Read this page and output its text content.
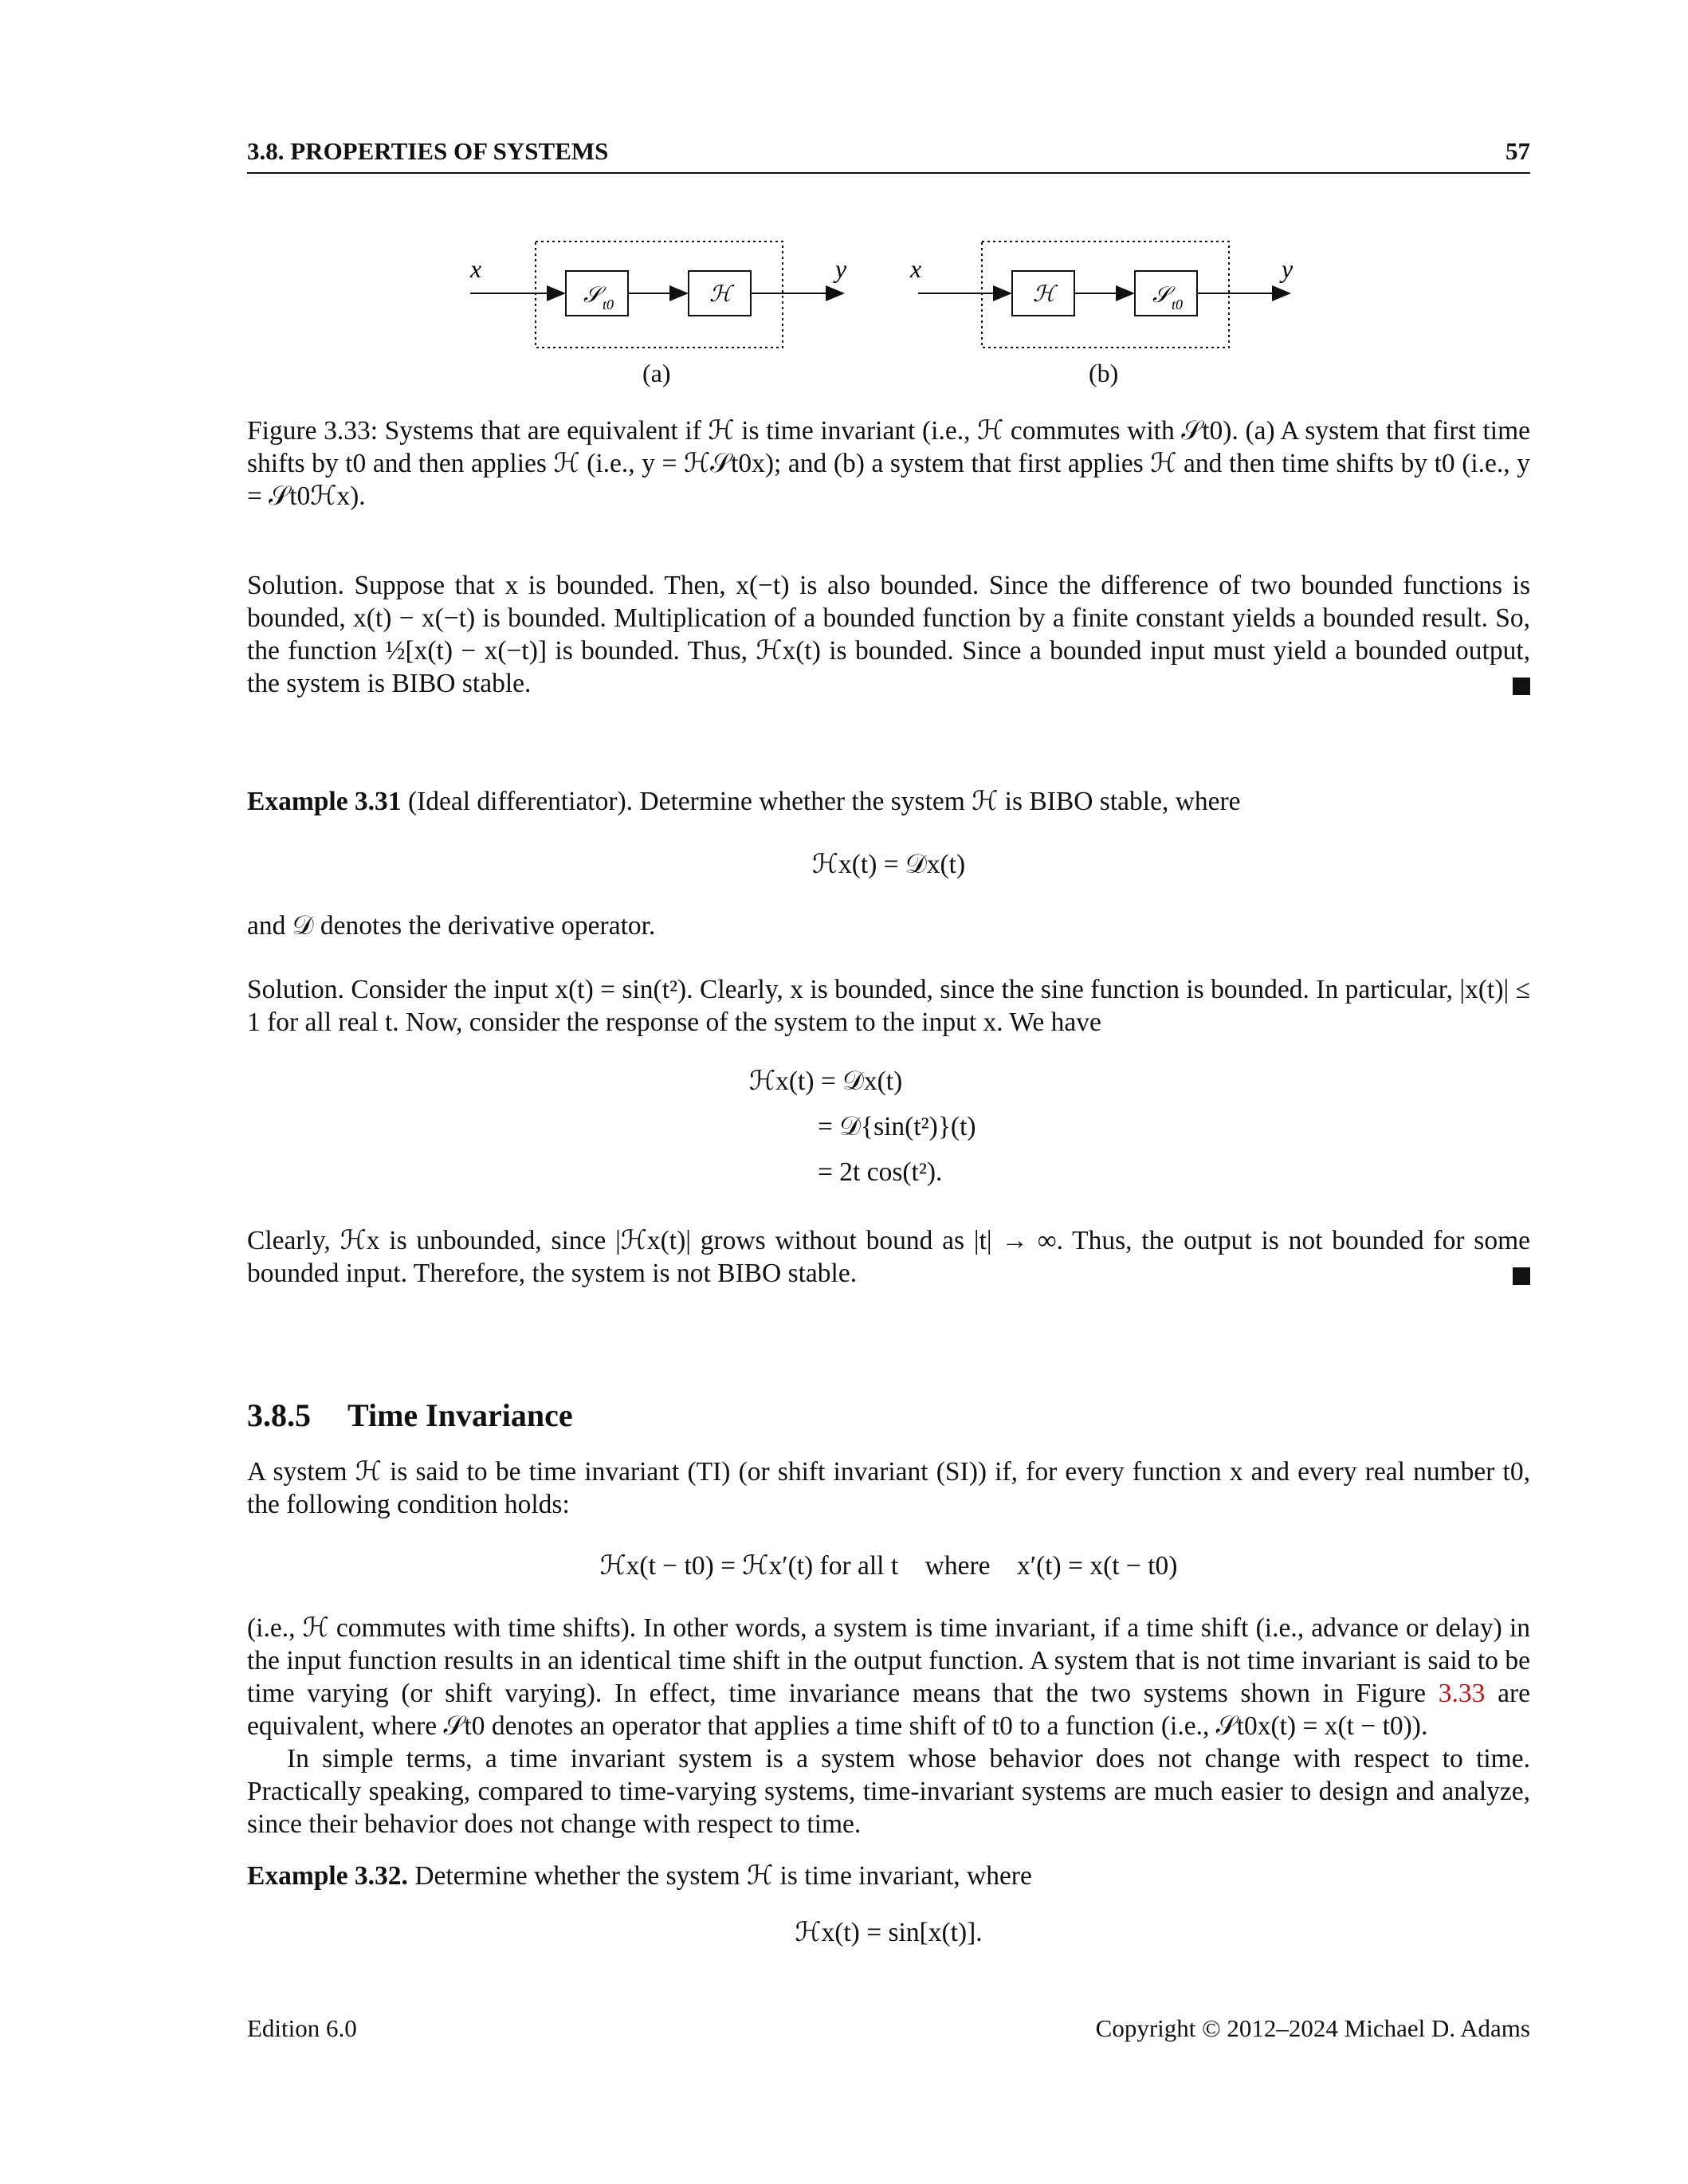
3.8. PROPERTIES OF SYSTEMS	57
x
𝒮 t0	ℋ
y x
ℋ	𝒮 t0
y
(a)	(b)
Figure 3.33: Systems that are equivalent if ℋ is time invariant (i.e., ℋ commutes with 𝒮t0). (a) A system that first time shifts by t0 and then applies ℋ (i.e., y = ℋ𝒮t0x); and (b) a system that first applies ℋ and then time shifts by t0 (i.e., y = 𝒮t0ℋx).

Solution. Suppose that x is bounded. Then, x(−t) is also bounded. Since the difference of two bounded functions is bounded, x(t) − x(−t) is bounded. Multiplication of a bounded function by a finite constant yields a bounded result. So, the function ½[x(t) − x(−t)] is bounded. Thus, ℋx(t) is bounded. Since a bounded input must yield a bounded output, the system is BIBO stable.

Example 3.31 (Ideal differentiator). Determine whether the system ℋ is BIBO stable, where
ℋx(t) = 𝒟x(t)
and 𝒟 denotes the derivative operator.

Solution. Consider the input x(t) = sin(t²). Clearly, x is bounded, since the sine function is bounded. In particular, |x(t)| ≤ 1 for all real t. Now, consider the response of the system to the input x. We have

ℋx(t) = 𝒟x(t)
= 𝒟{sin(t²)}(t)
= 2t cos(t²).

Clearly, ℋx is unbounded, since |ℋx(t)| grows without bound as |t| → ∞. Thus, the output is not bounded for some bounded input. Therefore, the system is not BIBO stable.

3.8.5 Time Invariance

A system ℋ is said to be time invariant (TI) (or shift invariant (SI)) if, for every function x and every real number t0, the following condition holds:

ℋx(t − t0) = ℋx′(t) for all t    where    x′(t) = x(t − t0)

(i.e., ℋ commutes with time shifts). In other words, a system is time invariant, if a time shift (i.e., advance or delay) in the input function results in an identical time shift in the output function. A system that is not time invariant is said to be time varying (or shift varying). In effect, time invariance means that the two systems shown in Figure 3.33 are equivalent, where 𝒮t0 denotes an operator that applies a time shift of t0 to a function (i.e., 𝒮t0x(t) = x(t − t0)).

In simple terms, a time invariant system is a system whose behavior does not change with respect to time. Practically speaking, compared to time-varying systems, time-invariant systems are much easier to design and analyze, since their behavior does not change with respect to time.

Example 3.32. Determine whether the system ℋ is time invariant, where
ℋx(t) = sin[x(t)].
Edition 6.0	Copyright © 2012–2024 Michael D. Adams
